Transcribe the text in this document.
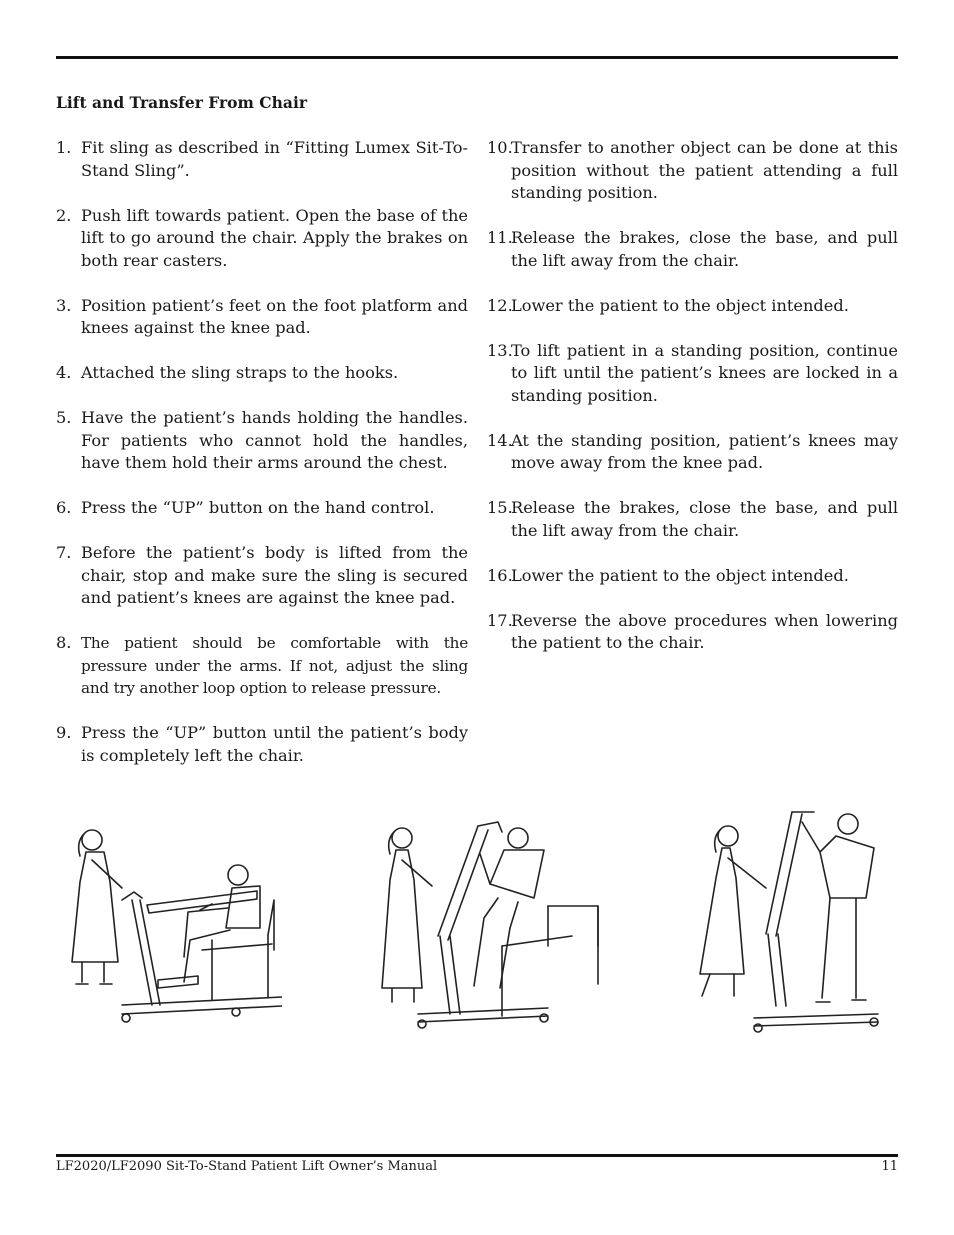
Lift and Transfer From Chair
1. Fit sling as described in “Fitting Lumex Sit-To-Stand Sling”.
2. Push lift towards patient. Open the base of the lift to go around the chair. Apply the brakes on both rear casters.
3. Position patient’s feet on the foot platform and knees against the knee pad.
4. Attached the sling straps to the hooks.
5. Have the patient’s hands holding the handles. For patients who cannot hold the handles, have them hold their arms around the chest.
6. Press the “UP” button on the hand control.
7. Before the patient’s body is lifted from the chair, stop and make sure the sling is secured and patient’s knees are against the knee pad.
8. The patient should be comfortable with the pressure under the arms. If not, adjust the sling and try another loop option to release pressure.
9. Press the “UP” button until the patient’s body is completely left the chair.
10.
Transfer to another object can be done at this position without the patient attending a full standing position.
11.
Release the brakes, close the base, and pull the lift away from the chair.
12.
Lower the patient to the object intended.
13.
To lift patient in a standing position, continue to lift until the patient’s knees are locked in a standing position.
14.
At the standing position, patient’s knees may move away from the knee pad.
15.
Release the brakes, close the base, and pull the lift away from the chair.
16.
Lower the patient to the object intended.
17.
Reverse the above procedures when lowering the patient to the chair.
LF2020/LF2090 Sit-To-Stand Patient Lift Owner’s Manual	11
